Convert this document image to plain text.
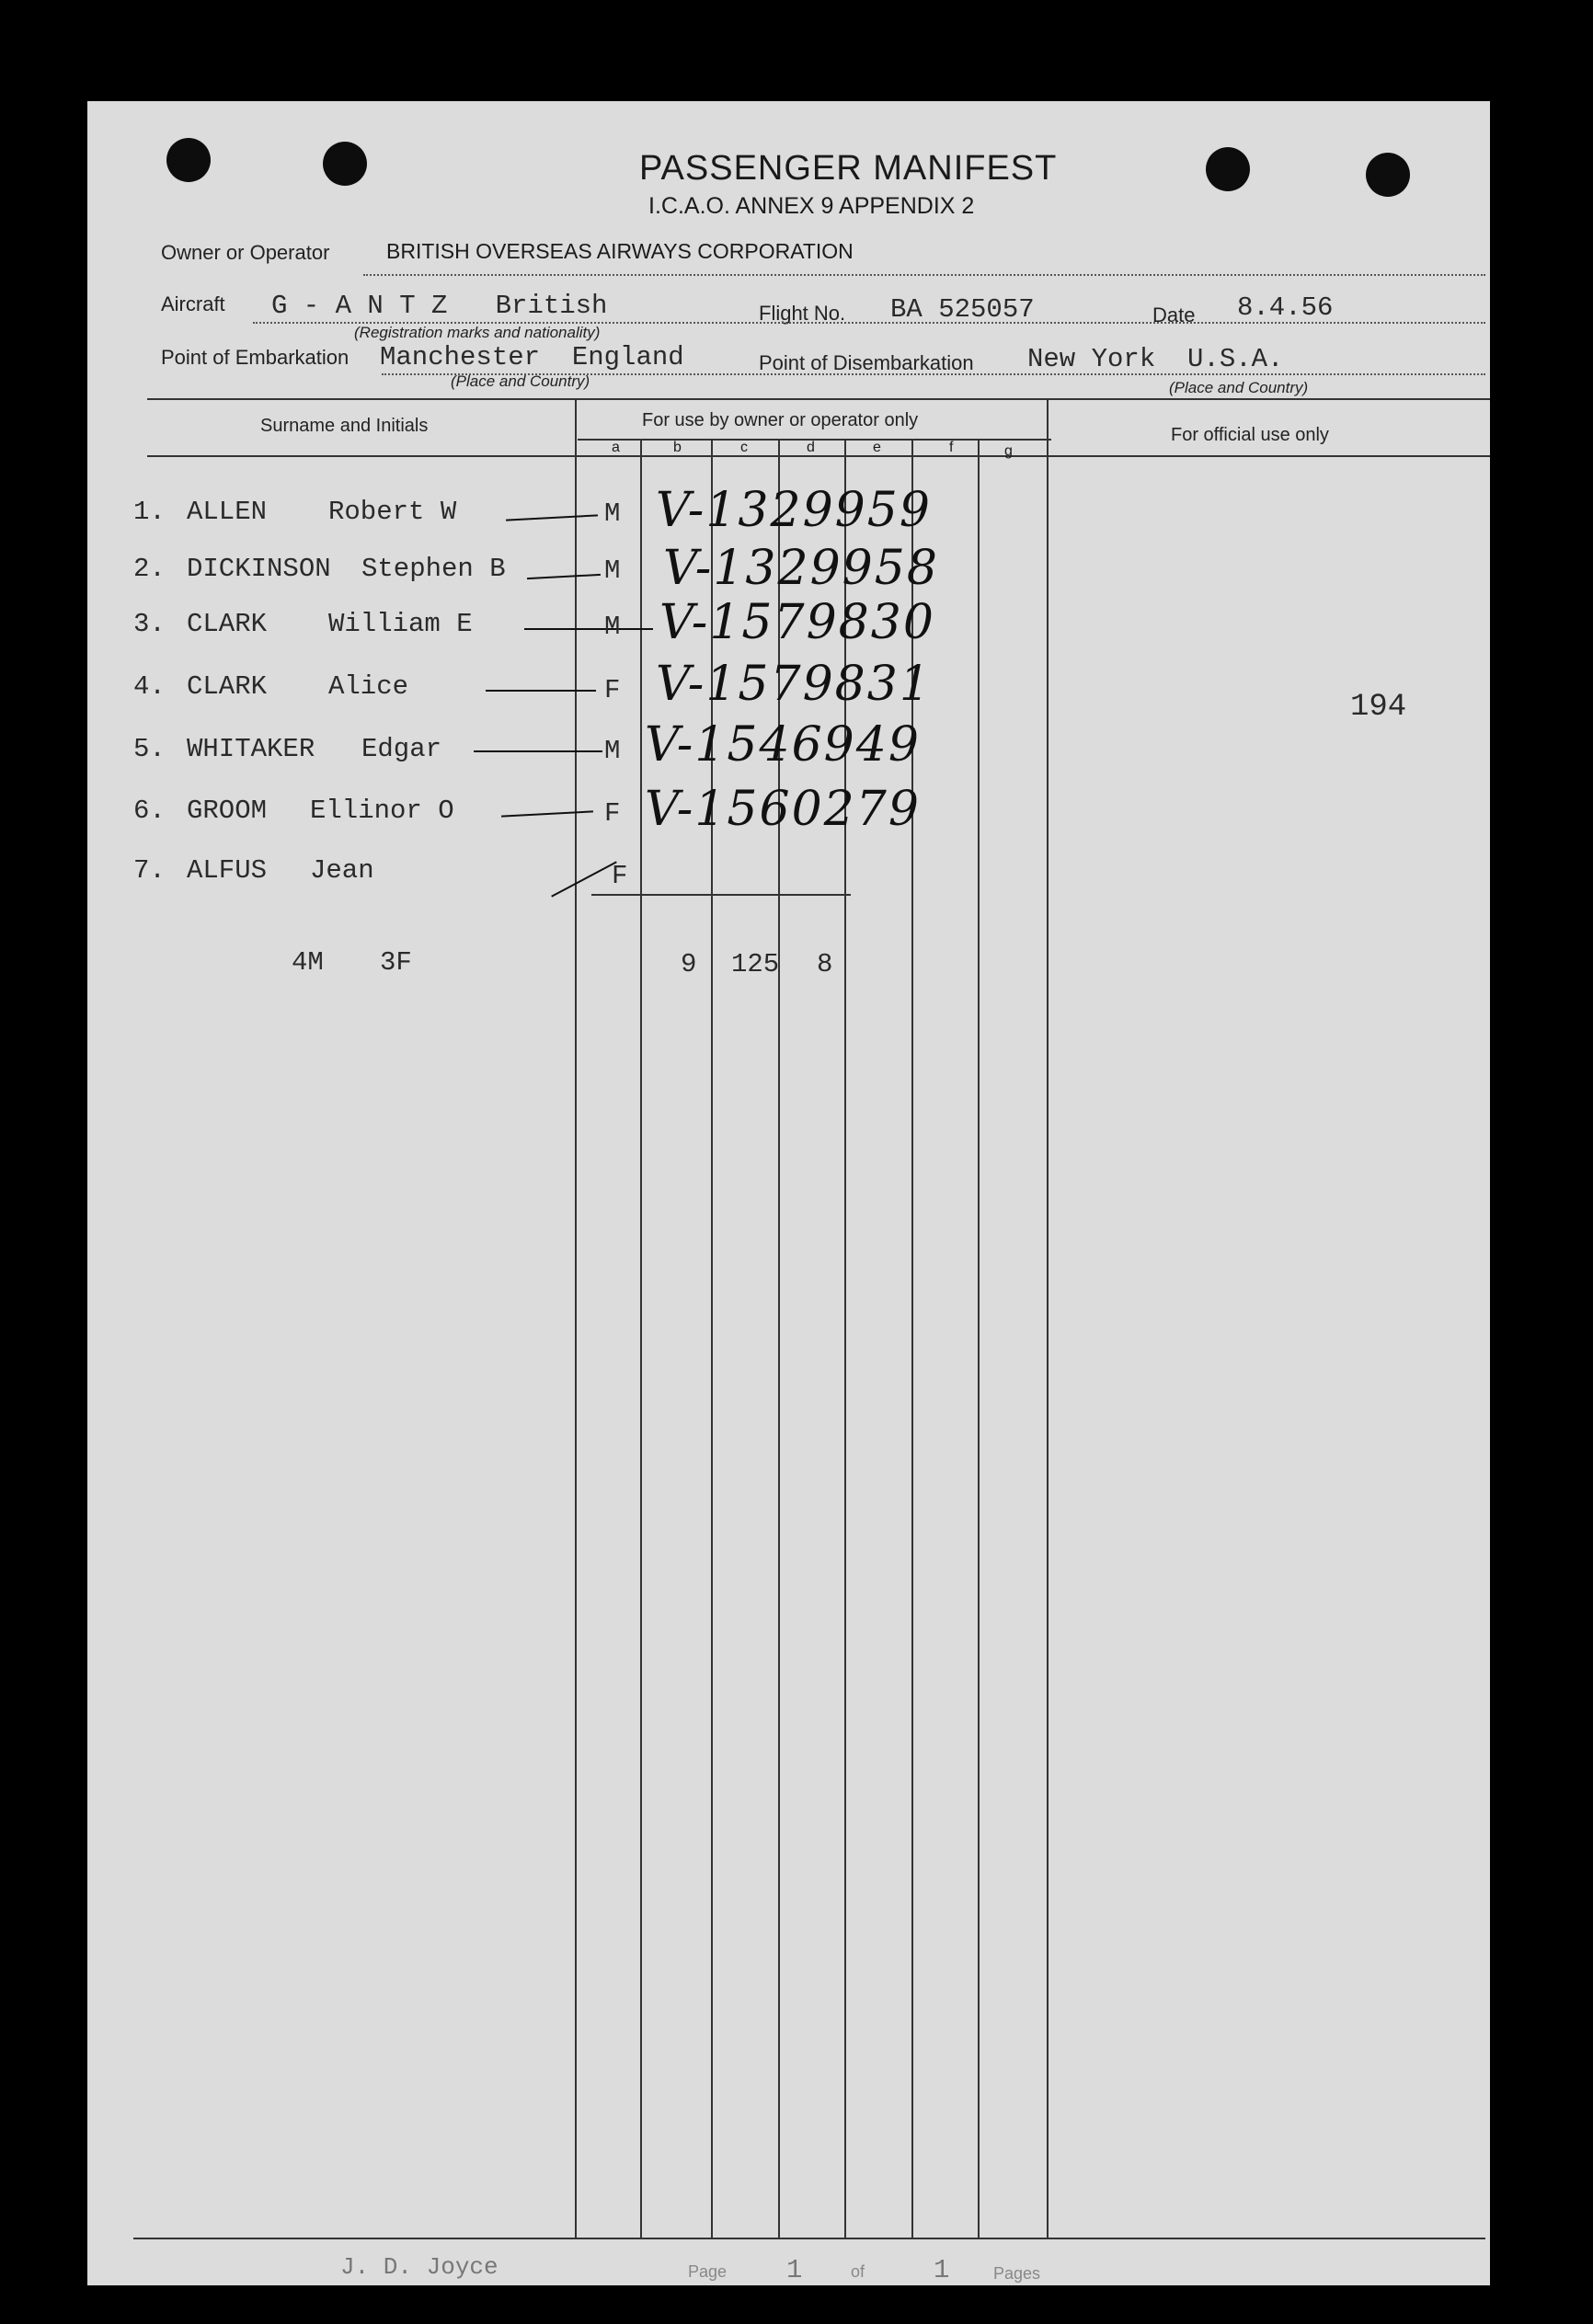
PASSENGER MANIFEST
I.C.A.O. ANNEX 9 APPENDIX 2
Owner or Operator	BRITISH OVERSEAS AIRWAYS CORPORATION
Aircraft G - A N T Z   British
(Registration marks and nationality)
Flight No. BA 525057	Date 8.4.56
Point of Embarkation Manchester  England
(Place and Country)
Point of Disembarkation New York  U.S.A.
(Place and Country)
Surname and Initials	For use by owner or operator only
For official use only
a	b	c	d	e	f	g
1. ALLEN Robert W	M V-1329959
2. DICKINSON Stephen B	M V-1329958
3. CLARK William E	M V-1579830
4. CLARK Alice	F V-1579831
5. WHITAKER Edgar	M V-1546949
6. GROOM Ellinor O	F V-1560279
7. ALFUS Jean	F
4M 3F	9 125 8
194
J. D. Joyce	Page 1	of	1	Pages
